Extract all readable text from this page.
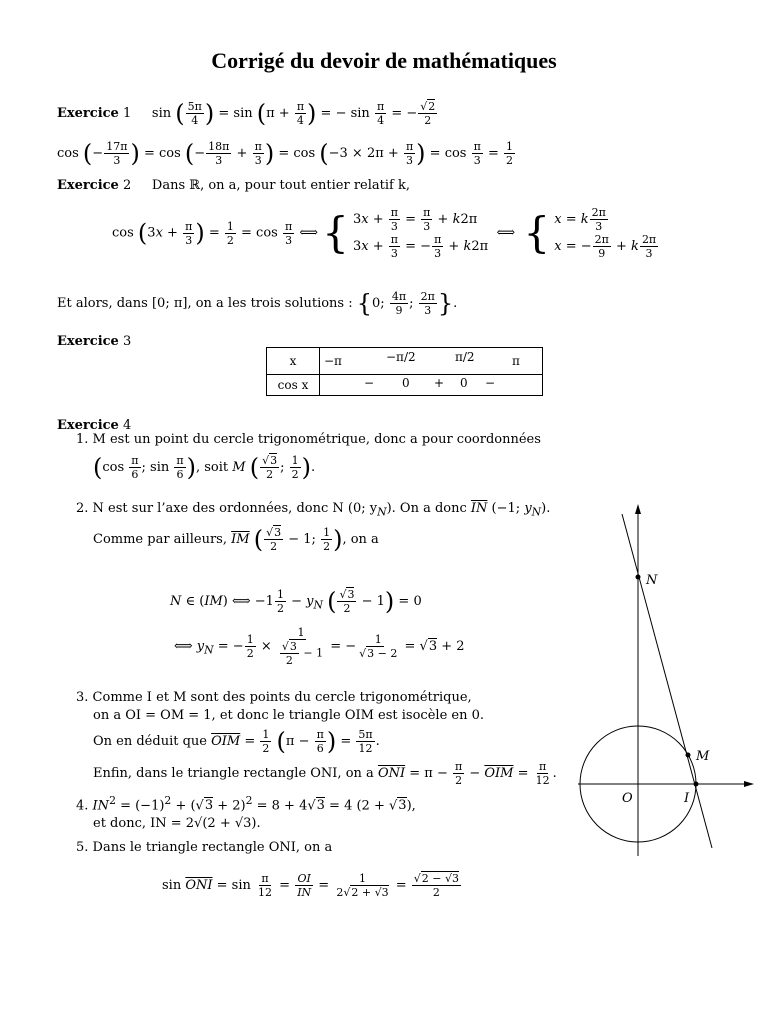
Corrigé du devoir de mathématiques
Exercice 1     sin ( $\frac{5\pi}{4}$ ) = $\sin (\pi + \frac{\pi}{4}$ ) = − $\sin \frac{\pi}{4}$ = − $\frac{√2}{2}$
cos (− $\frac{17\pi}{3}$ ) = cos (− $\frac{18\pi}{3} + \frac{\pi}{3}$ ) = $\cos (-3 \times 2\pi + \frac{\pi}{3}$ ) = $\cos \frac{\pi}{3} = \frac{1}{2}$
Exercice 2 Dans ℝ, on a, pour tout entier relatif k,
$\cos (3x + \frac{\pi}{3}$ ) = $\frac{1}{2} = \cos \frac{\pi}{3}$ ⟺ { $3x + \frac{\pi}{3} = \frac{\pi}{3} + k2\pi$
$3x + \frac{\pi}{3}$ = − $\frac{\pi}{3} + k2\pi$
⟺  { x = k $\frac{2\pi}{3}$
x = − $\frac{2\pi}{9} + k \frac{2\pi}{3}$
Et alors, dans [0; π], on a les trois solutions : {0; $\frac{4\pi}{9}$ ; $\frac{2\pi}{3}$ }.
Exercice 3
x	−π −π/2 π/2 π

cos x	− 0 + 0 −
Exercice 4
1. M est un point du cercle trigonométrique, donc a pour coordonnées
($\cos \frac{\pi}{6}$ ; $\sin \frac{\pi}{6}$ ), soit M ( $\frac{√3}{2}$ ; $\frac{1}{2}$ ).
2. N est sur l’axe des ordonnées, donc N (0; $y_N$). On a donc $\overline{IN}$ (−1; $y_N$).
Comme par ailleurs, $\overline{IM}$ ( $\frac{√3}{2} - 1$; $\frac{1}{2}$ ), on a
N ∈ (IM) ⟺ $-1 \frac{1}{2} - y_N$ ( $\frac{√3}{2} - 1) = 0$
⟺ $y_N$ = − $\frac{1}{2} \times \frac{1}{\frac{√3}{2} - 1}$ = − $\frac{1}{√3 - 2} = √3 + 2$
3. Comme I et M sont des points du cercle trigonométrique,
on a OI = OM = 1, et donc le triangle OIM est isocèle en 0.
On en déduit que $\overline{OIM} = \frac{1}{2} (\pi - \frac{\pi}{6}$ ) = $\frac{5\pi}{12}$ .
Enfin, dans le triangle rectangle ONI, on a $\overline{ONI} = \pi - \frac{\pi}{2} - \overline{OIM} = \frac{\pi}{12}$ .
4. $IN^2 = (-1)^2 + (√3 + 2)^2 = 8 + 4√3 = 4$ (2 + √3),
et donc, IN = 2√(2 + √3).
5. Dans le triangle rectangle ONI, on a
$\sin \overline{ONI} = \sin \frac{\pi}{12} = \frac{OI}{IN} = \frac{1}{2√2 + √3} = \frac{√2 - √3}{2}$
N
M
O	I
